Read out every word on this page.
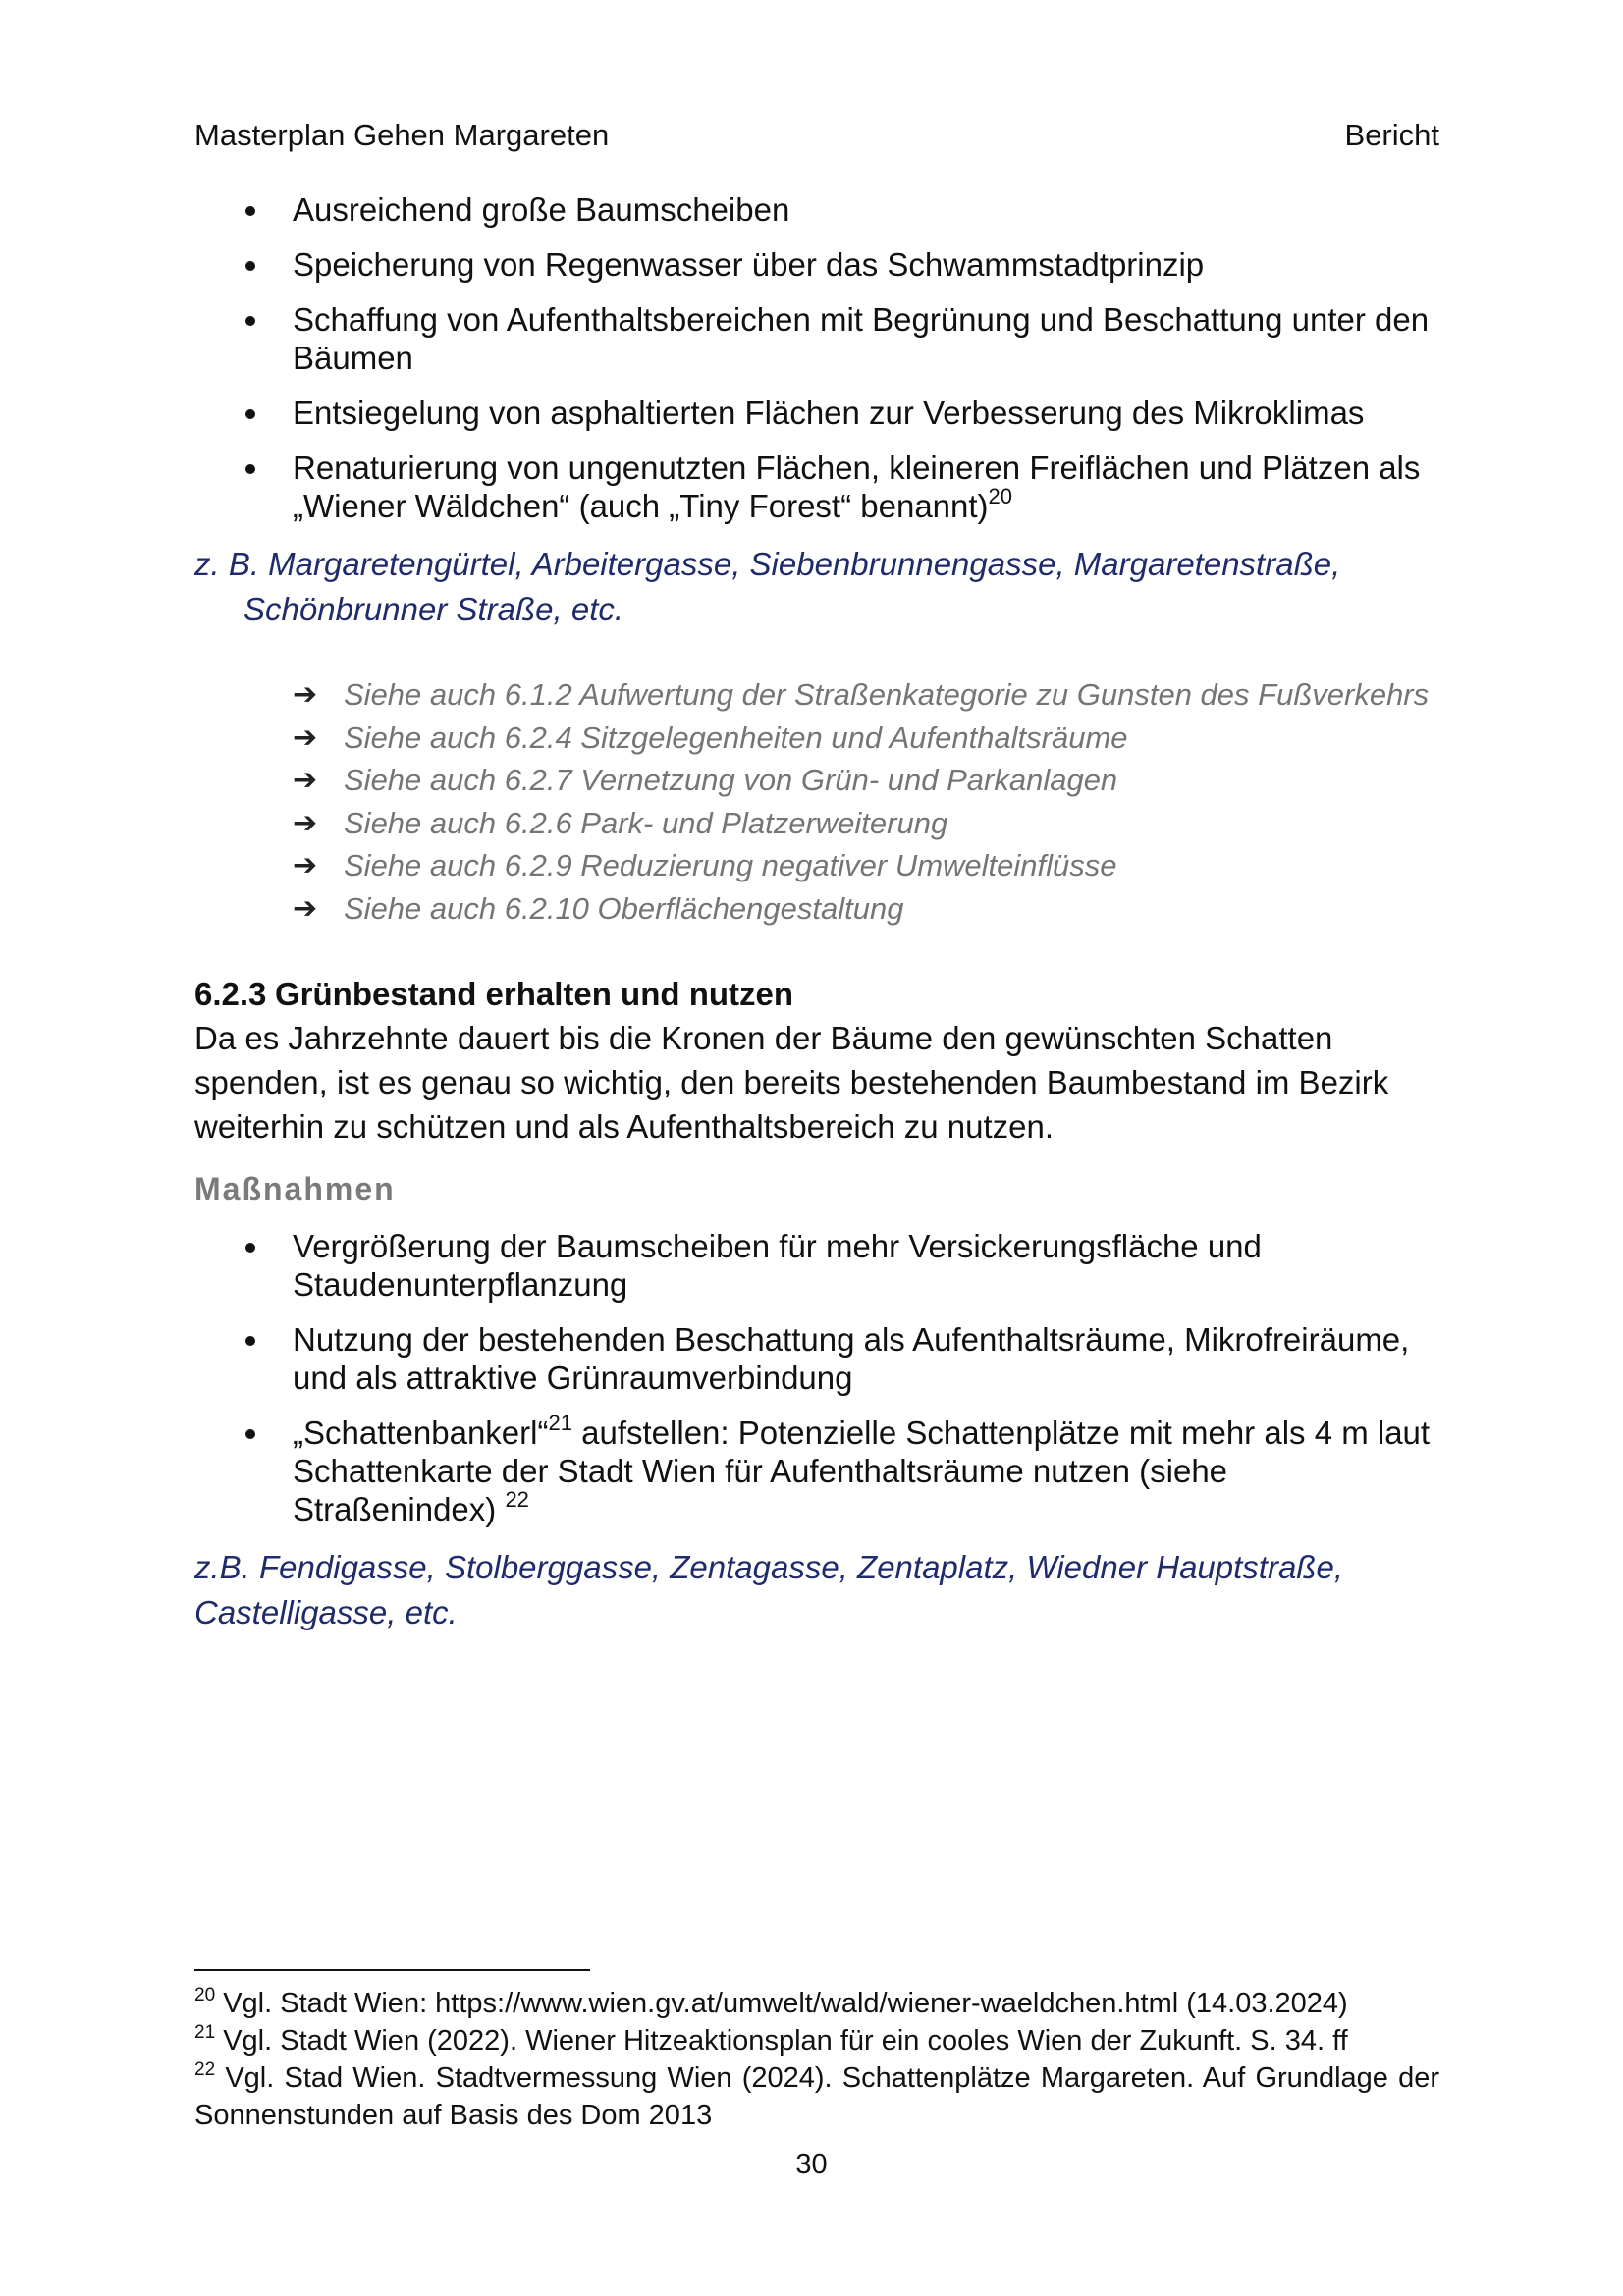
Masterplan Gehen Margareten	Bericht
Ausreichend große Baumscheiben
Speicherung von Regenwasser über das Schwammstadtprinzip
Schaffung von Aufenthaltsbereichen mit Begrünung und Beschattung unter den Bäumen
Entsiegelung von asphaltierten Flächen zur Verbesserung des Mikroklimas
Renaturierung von ungenutzten Flächen, kleineren Freiflächen und Plätzen als „Wiener Wäldchen“ (auch „Tiny Forest“ benannt)$^{20}$
z. B. Margaretengürtel, Arbeitergasse, Siebenbrunnengasse, Margaretenstraße, Schönbrunner Straße, etc.
➔ Siehe auch 6.1.2 Aufwertung der Straßenkategorie zu Gunsten des Fußverkehrs
➔ Siehe auch 6.2.4 Sitzgelegenheiten und Aufenthaltsräume
➔ Siehe auch 6.2.7 Vernetzung von Grün- und Parkanlagen
➔ Siehe auch 6.2.6 Park- und Platzerweiterung
➔ Siehe auch 6.2.9 Reduzierung negativer Umwelteinflüsse
➔ Siehe auch 6.2.10 Oberflächengestaltung
6.2.3 Grünbestand erhalten und nutzen

Da es Jahrzehnte dauert bis die Kronen der Bäume den gewünschten Schatten spenden, ist es genau so wichtig, den bereits bestehenden Baumbestand im Bezirk weiterhin zu schützen und als Aufenthaltsbereich zu nutzen.

Maßnahmen
Vergrößerung der Baumscheiben für mehr Versickerungsfläche und Staudenunterpflanzung
Nutzung der bestehenden Beschattung als Aufenthaltsräume, Mikrofreiräume, und als attraktive Grünraumverbindung
„Schattenbankerl“$^{21}$ aufstellen: Potenzielle Schattenplätze mit mehr als 4 m laut Schattenkarte der Stadt Wien für Aufenthaltsräume nutzen (siehe Straßenindex) $^{22}$
z.B. Fendigasse, Stolberggasse, Zentagasse, Zentaplatz, Wiedner Hauptstraße, Castelligasse, etc.
$^{20}$ Vgl. Stadt Wien: https://www.wien.gv.at/umwelt/wald/wiener-waeldchen.html (14.03.2024)
$^{21}$ Vgl. Stadt Wien (2022). Wiener Hitzeaktionsplan für ein cooles Wien der Zukunft. S. 34. ff
$^{22}$ Vgl. Stad Wien. Stadtvermessung Wien (2024). Schattenplätze Margareten. Auf Grundlage der Sonnenstunden auf Basis des Dom 2013
30
